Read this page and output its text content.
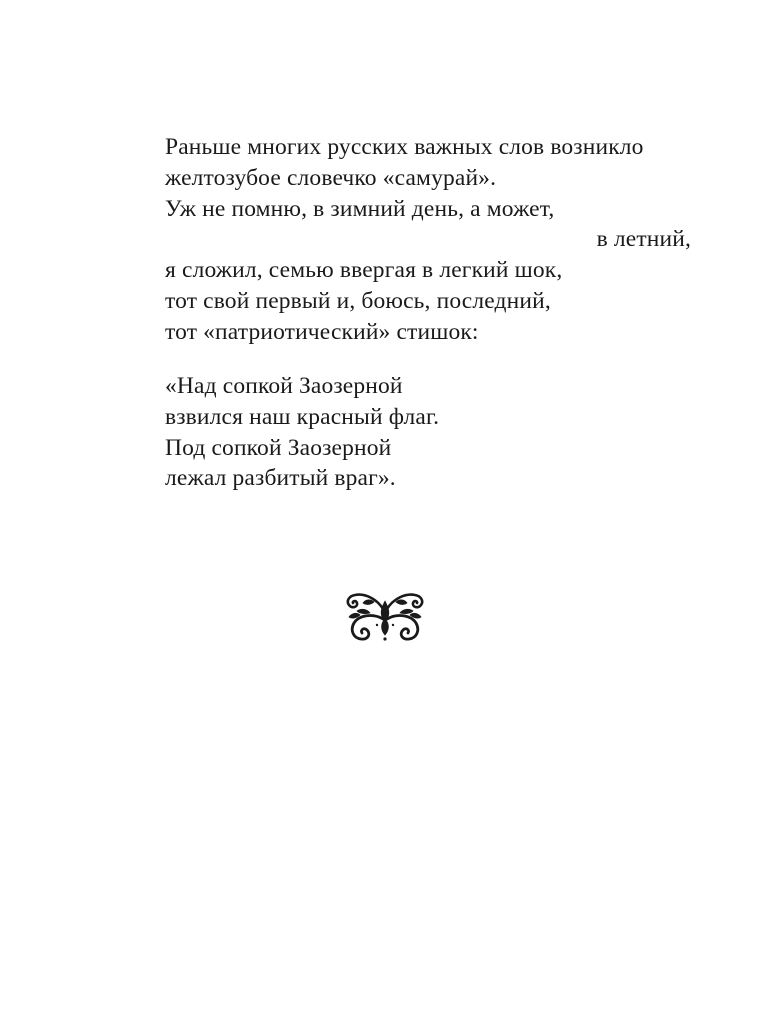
Раньше многих русских важных слов возникло
желтозубое словечко «самурай».
Уж не помню, в зимний день, а может,
в летний,
я сложил, семью ввергая в легкий шок,
тот свой первый и, боюсь, последний,
тот «патриотический» стишок:
«Над сопкой Заозерной
взвился наш красный флаг.
Под сопкой Заозерной
лежал разбитый враг».
